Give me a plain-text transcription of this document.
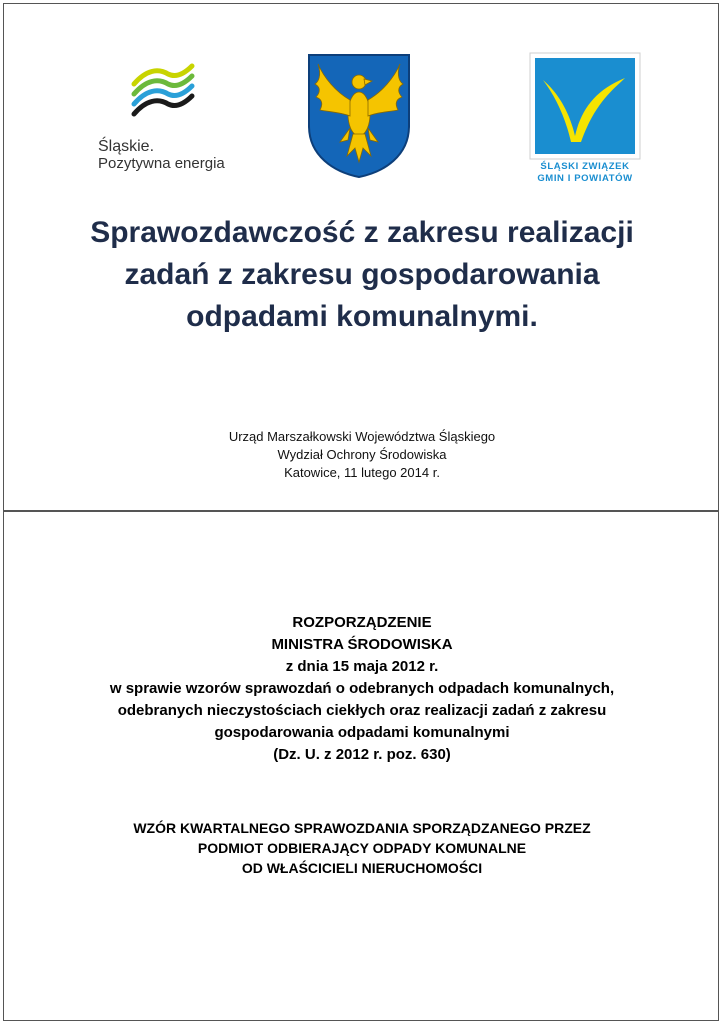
Śląskie.
Pozytywna energia	ŚLĄSKI ZWIĄZEK
GMIN I POWIATÓW
Sprawozdawczość z zakresu realizacji
zadań z zakresu gospodarowania
odpadami komunalnymi.
Urząd Marszałkowski Województwa Śląskiego
Wydział Ochrony Środowiska
Katowice, 11 lutego 2014 r.
ROZPORZĄDZENIE
MINISTRA ŚRODOWISKA
z dnia 15 maja 2012 r.
w sprawie wzorów sprawozdań o odebranych odpadach komunalnych,
odebranych nieczystościach ciekłych oraz realizacji zadań z zakresu
gospodarowania odpadami komunalnymi
(Dz. U. z 2012 r. poz. 630)
WZÓR KWARTALNEGO SPRAWOZDANIA SPORZĄDZANEGO PRZEZ
PODMIOT ODBIERAJĄCY ODPADY KOMUNALNE
OD WŁAŚCICIELI NIERUCHOMOŚCI
